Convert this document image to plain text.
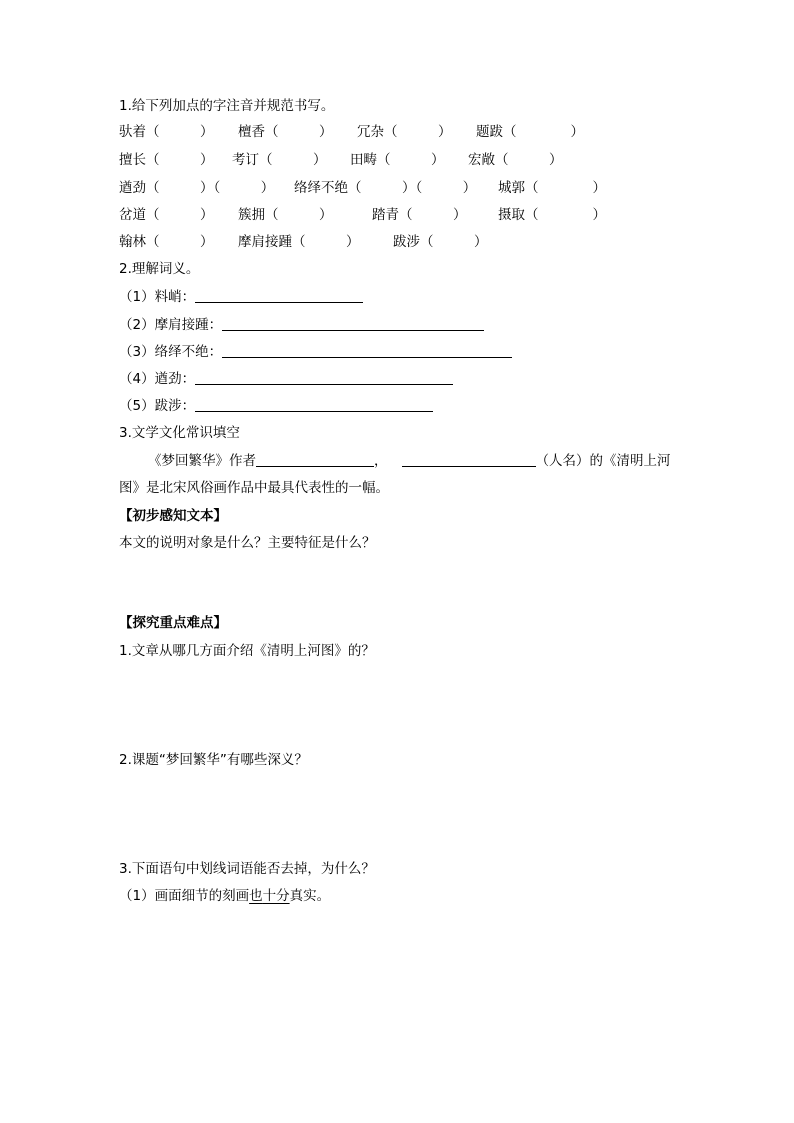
1.给下列加点的字注音并规范书写。
驮着（　　　） 檀香（　　　） 冗杂（　　　） 题跋（　　　　）
擅长（　　　） 考订（　　　） 田畴（　　　） 宏敞（　　　）
遒劲（　　　）（　　　） 络绎不绝（　　　）（　　　） 城郭（　　　　）
岔道（　　　） 簇拥（　　　）	踏青（　　　） 摄取（　　　　）
翰林（　　　） 摩肩接踵（　　　） 跋涉（　　　）
2.理解词义。
（1）料峭：
（2）摩肩接踵：
（3）络绎不绝：
（4）遒劲：
（5）跋涉：
3.文学文化常识填空
《梦回繁华》作者	，	（人名）的《清明上河
图》是北宋风俗画作品中最具代表性的一幅。
【初步感知文本】
本文的说明对象是什么？主要特征是什么？
【探究重点难点】
1.文章从哪几方面介绍《清明上河图》的？
2.课题“梦回繁华”有哪些深义？
3.下面语句中划线词语能否去掉，为什么？
（1）画面细节的刻画也十分真实。
